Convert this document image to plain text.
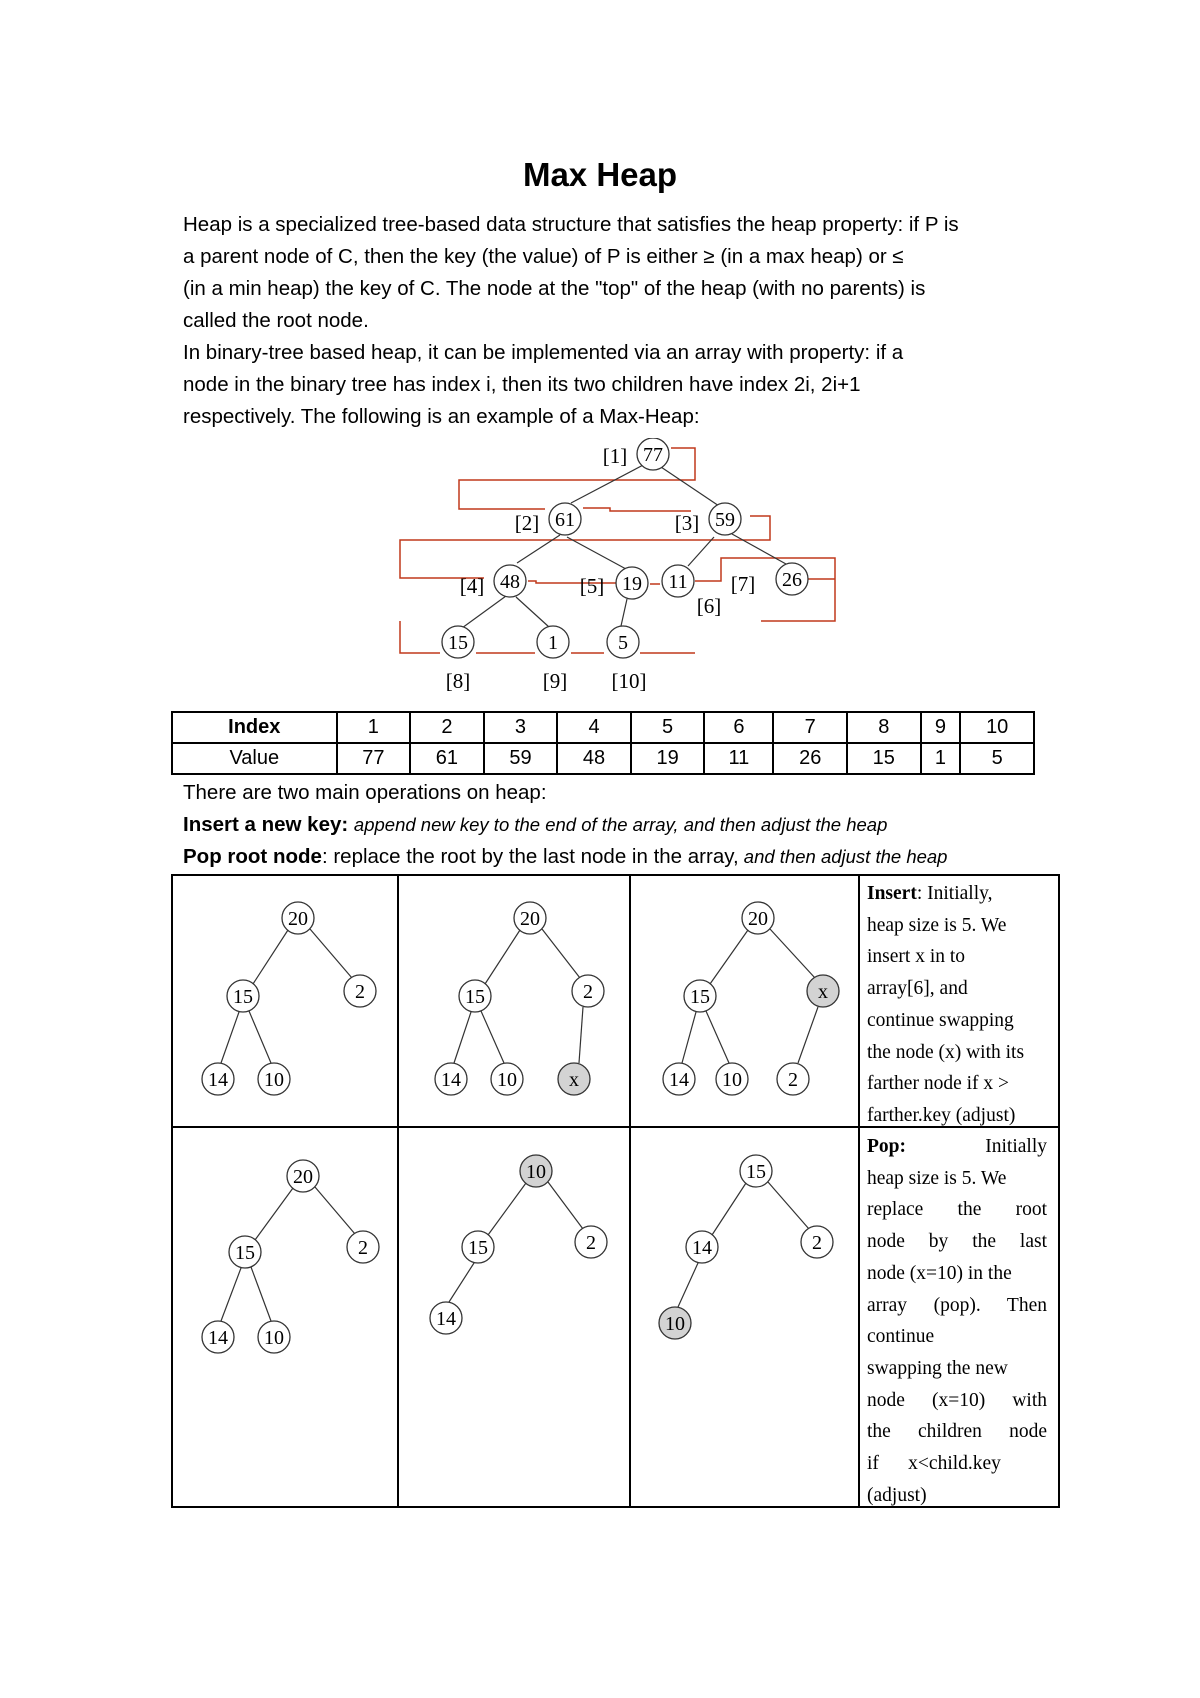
Max Heap
Heap is a specialized tree-based data structure that satisfies the heap property: if P is
a parent node of C, then the key (the value) of P is either ≥ (in a max heap) or ≤
(in a min heap) the key of C. The node at the "top" of the heap (with no parents) is
called the root node.
In binary-tree based heap, it can be implemented via an array with property: if a
node in the binary tree has index i, then its two children have index 2i, 2i+1
respectively. The following is an example of a Max-Heap:
77
[1]
61
[2]	59
[3]
48
[4]	19
[5]	11
[6]
26
[7]
15
[8]
1
[9]
5
[10]
Index	1	2	3	4	5	6	7	8	9	10
Value	77	61	59	48	19	11	26	15	1	5
There are two main operations on heap:
Insert a new key: append new key to the end of the array, and then adjust the heap
Pop root node: replace the root by the last node in the array, and then adjust the heap
20
15	2
14 10
20
15	2
14 10	x
20
15	x
14 10 2
Insert: Initially,
heap size is 5. We
insert x in to
array[6], and
continue swapping
the node (x) with its
farther node if x >
farther.key (adjust)
20
15	2
14 10
10
15	2
14
15
14	2
10
Pop:	Initially
heap size is 5. We
replace the root
node by the last
node (x=10) in the
array (pop). Then
continue
swapping the new
node (x=10) with
the children node
if      x<child.key
(adjust)
